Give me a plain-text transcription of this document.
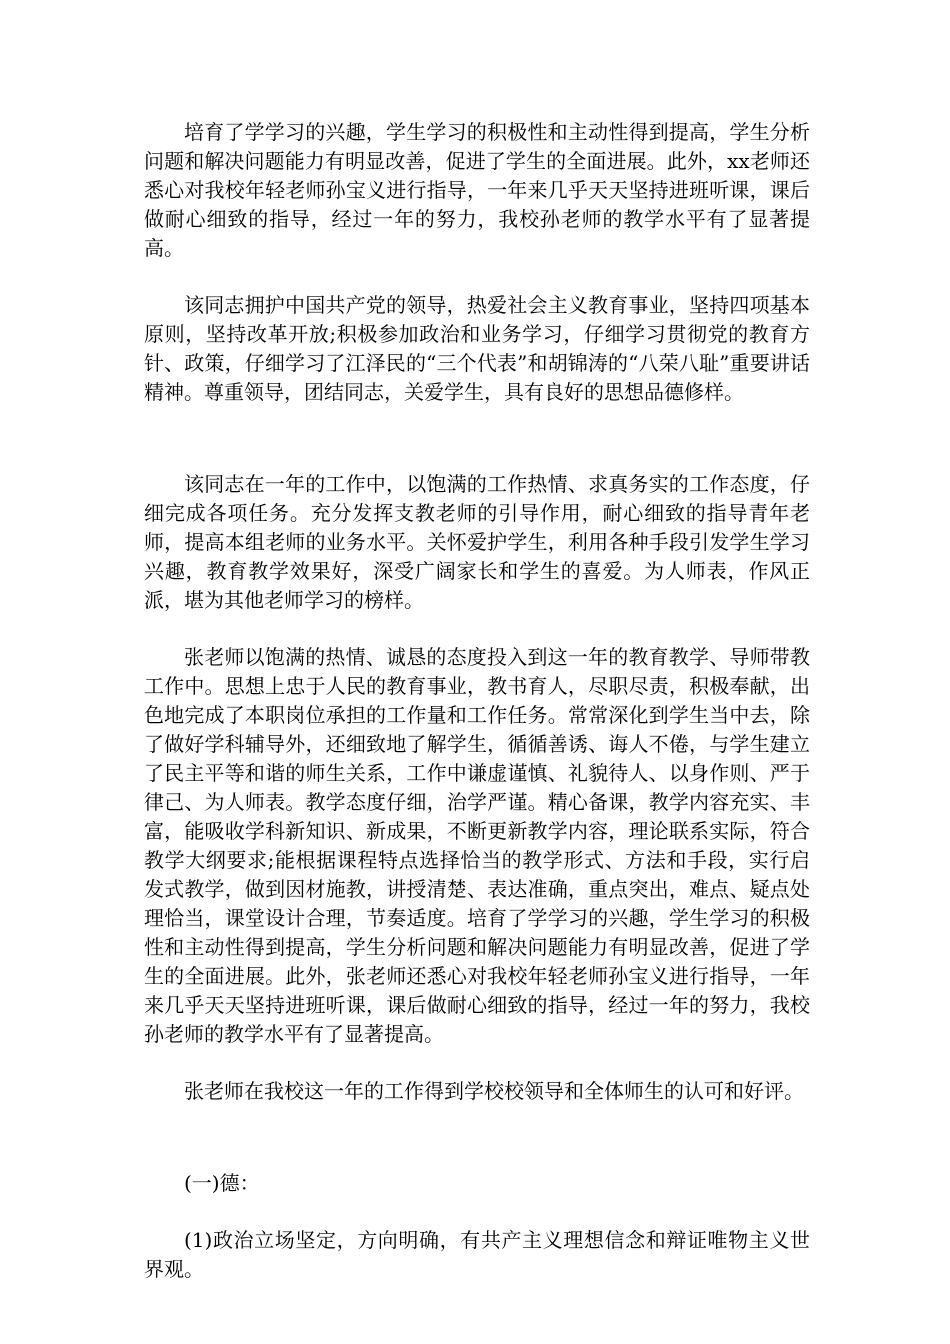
培育了学学习的兴趣，学生学习的积极性和主动性得到提高，学生分析问题和解决问题能力有明显改善，促进了学生的全面进展。此外，xx老师还悉心对我校年轻老师孙宝义进行指导，一年来几乎天天坚持进班听课，课后做耐心细致的指导，经过一年的努力，我校孙老师的教学水平有了显著提高。

该同志拥护中国共产党的领导，热爱社会主义教育事业，坚持四项基本原则，坚持改革开放;积极参加政治和业务学习，仔细学习贯彻党的教育方针、政策，仔细学习了江泽民的“三个代表”和胡锦涛的“八荣八耻”重要讲话精神。尊重领导，团结同志，关爱学生，具有良好的思想品德修样。

该同志在一年的工作中，以饱满的工作热情、求真务实的工作态度，仔细完成各项任务。充分发挥支教老师的引导作用，耐心细致的指导青年老师，提高本组老师的业务水平。关怀爱护学生，利用各种手段引发学生学习兴趣，教育教学效果好，深受广阔家长和学生的喜爱。为人师表，作风正派，堪为其他老师学习的榜样。

张老师以饱满的热情、诚恳的态度投入到这一年的教育教学、导师带教工作中。思想上忠于人民的教育事业，教书育人，尽职尽责，积极奉献，出色地完成了本职岗位承担的工作量和工作任务。常常深化到学生当中去，除了做好学科辅导外，还细致地了解学生，循循善诱、诲人不倦，与学生建立了民主平等和谐的师生关系，工作中谦虚谨慎、礼貌待人、以身作则、严于律己、为人师表。教学态度仔细，治学严谨。精心备课，教学内容充实、丰富，能吸收学科新知识、新成果，不断更新教学内容，理论联系实际，符合教学大纲要求;能根据课程特点选择恰当的教学形式、方法和手段，实行启发式教学，做到因材施教，讲授清楚、表达准确，重点突出，难点、疑点处理恰当，课堂设计合理，节奏适度。培育了学学习的兴趣，学生学习的积极性和主动性得到提高，学生分析问题和解决问题能力有明显改善，促进了学生的全面进展。此外，张老师还悉心对我校年轻老师孙宝义进行指导，一年来几乎天天坚持进班听课，课后做耐心细致的指导，经过一年的努力，我校孙老师的教学水平有了显著提高。

张老师在我校这一年的工作得到学校校领导和全体师生的认可和好评。

(一)德：

(1)政治立场坚定，方向明确，有共产主义理想信念和辩证唯物主义世界观。
